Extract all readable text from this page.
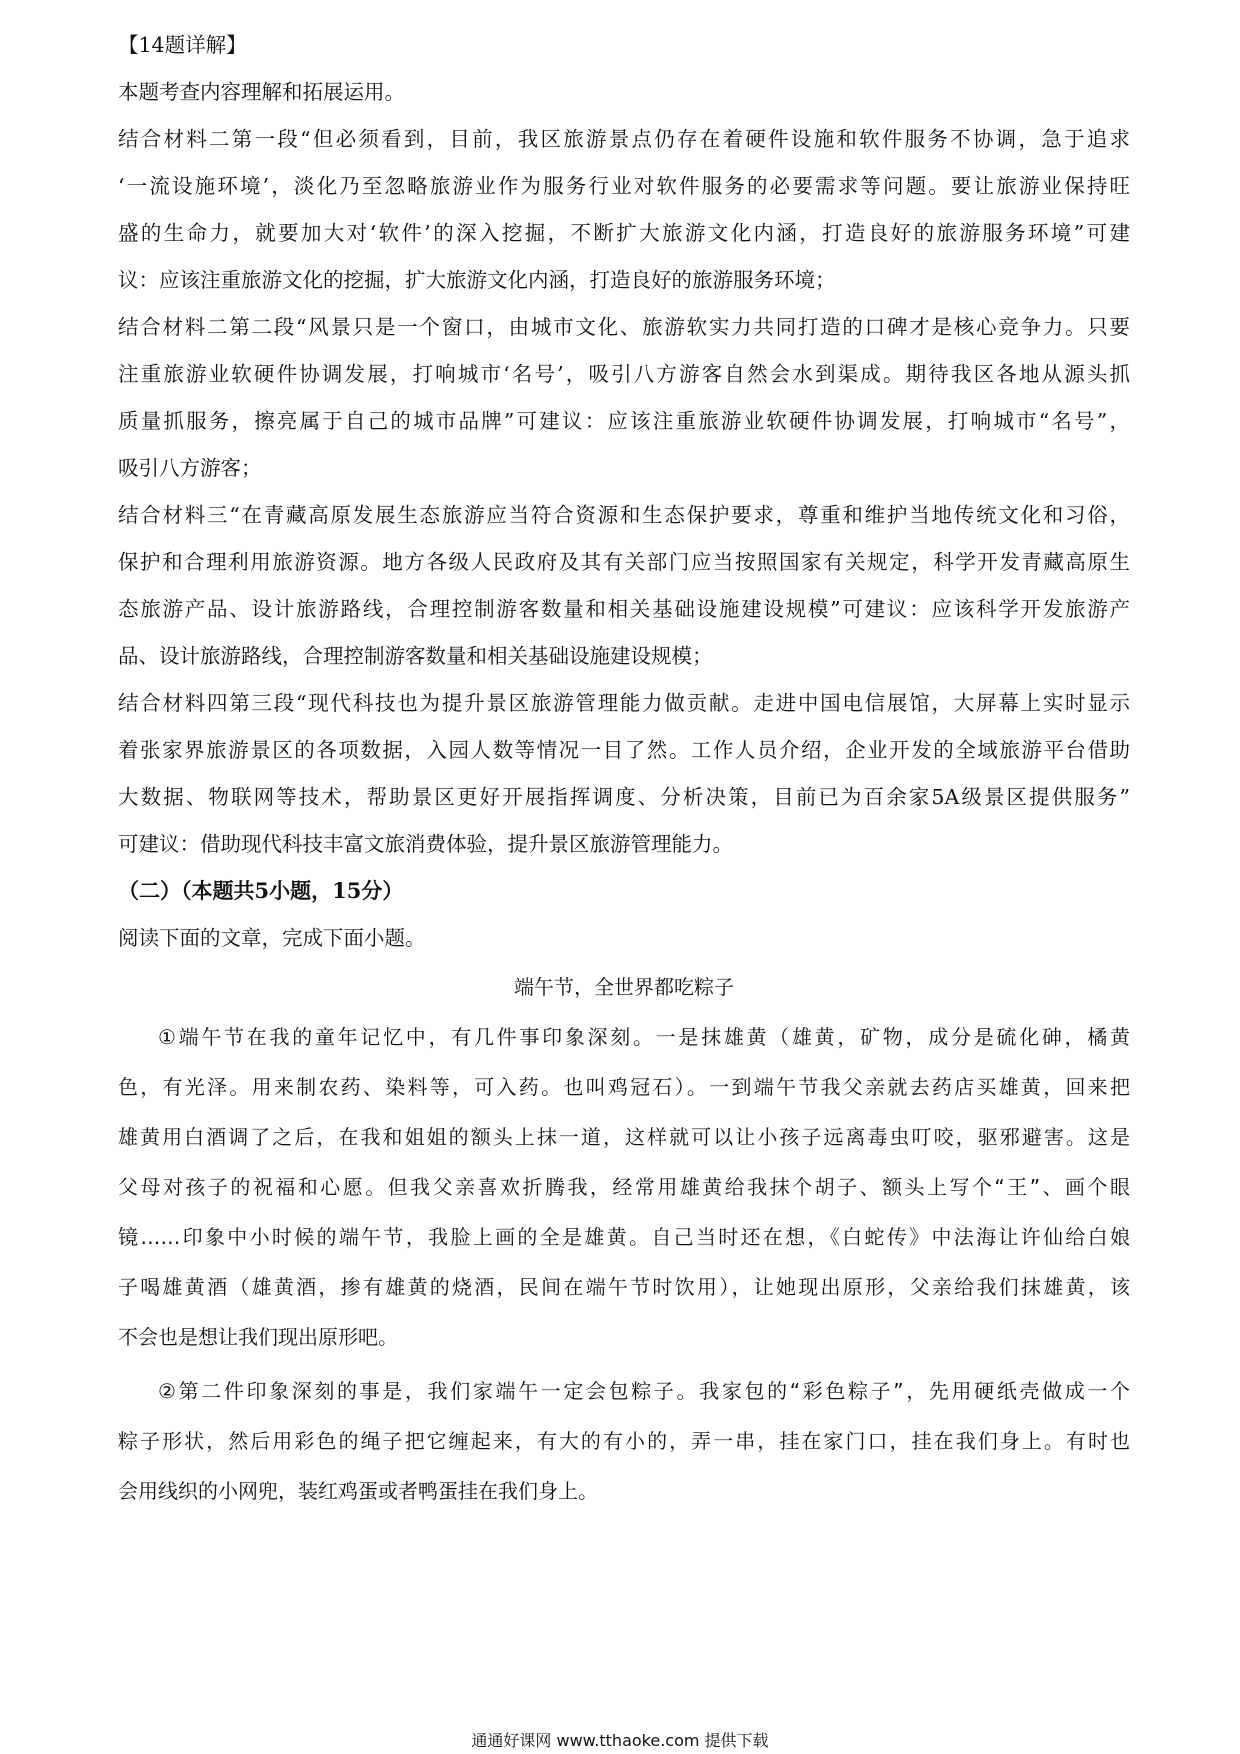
【14题详解】
本题考查内容理解和拓展运用。
结合材料二第一段“但必须看到，目前，我区旅游景点仍存在着硬件设施和软件服务不协调，急于追求
‘一流设施环境’，淡化乃至忽略旅游业作为服务行业对软件服务的必要需求等问题。要让旅游业保持旺
盛的生命力，就要加大对‘软件’的深入挖掘，不断扩大旅游文化内涵，打造良好的旅游服务环境”可建
议：应该注重旅游文化的挖掘，扩大旅游文化内涵，打造良好的旅游服务环境；
结合材料二第二段“风景只是一个窗口，由城市文化、旅游软实力共同打造的口碑才是核心竞争力。只要
注重旅游业软硬件协调发展，打响城市‘名号’，吸引八方游客自然会水到渠成。期待我区各地从源头抓
质量抓服务，擦亮属于自己的城市品牌”可建议：应该注重旅游业软硬件协调发展，打响城市“名号”，
吸引八方游客；
结合材料三“在青藏高原发展生态旅游应当符合资源和生态保护要求，尊重和维护当地传统文化和习俗，
保护和合理利用旅游资源。地方各级人民政府及其有关部门应当按照国家有关规定，科学开发青藏高原生
态旅游产品、设计旅游路线，合理控制游客数量和相关基础设施建设规模”可建议：应该科学开发旅游产
品、设计旅游路线，合理控制游客数量和相关基础设施建设规模；
结合材料四第三段“现代科技也为提升景区旅游管理能力做贡献。走进中国电信展馆，大屏幕上实时显示
着张家界旅游景区的各项数据，入园人数等情况一目了然。工作人员介绍，企业开发的全域旅游平台借助
大数据、物联网等技术，帮助景区更好开展指挥调度、分析决策，目前已为百余家5A级景区提供服务”
可建议：借助现代科技丰富文旅消费体验，提升景区旅游管理能力。
（二）（本题共5小题，15分）
阅读下面的文章，完成下面小题。
端午节，全世界都吃粽子
①端午节在我的童年记忆中，有几件事印象深刻。一是抹雄黄（雄黄，矿物，成分是硫化砷，橘黄
色，有光泽。用来制农药、染料等，可入药。也叫鸡冠石）。一到端午节我父亲就去药店买雄黄，回来把
雄黄用白酒调了之后，在我和姐姐的额头上抹一道，这样就可以让小孩子远离毒虫叮咬，驱邪避害。这是
父母对孩子的祝福和心愿。但我父亲喜欢折腾我，经常用雄黄给我抹个胡子、额头上写个“王”、画个眼
镜……印象中小时候的端午节，我脸上画的全是雄黄。自己当时还在想，《白蛇传》中法海让许仙给白娘
子喝雄黄酒（雄黄酒，掺有雄黄的烧酒，民间在端午节时饮用），让她现出原形，父亲给我们抹雄黄，该
不会也是想让我们现出原形吧。
②第二件印象深刻的事是，我们家端午一定会包粽子。我家包的“彩色粽子”，先用硬纸壳做成一个
粽子形状，然后用彩色的绳子把它缠起来，有大的有小的，弄一串，挂在家门口，挂在我们身上。有时也
会用线织的小网兜，装红鸡蛋或者鸭蛋挂在我们身上。
通通好课网 www.tthaoke.com 提供下载
